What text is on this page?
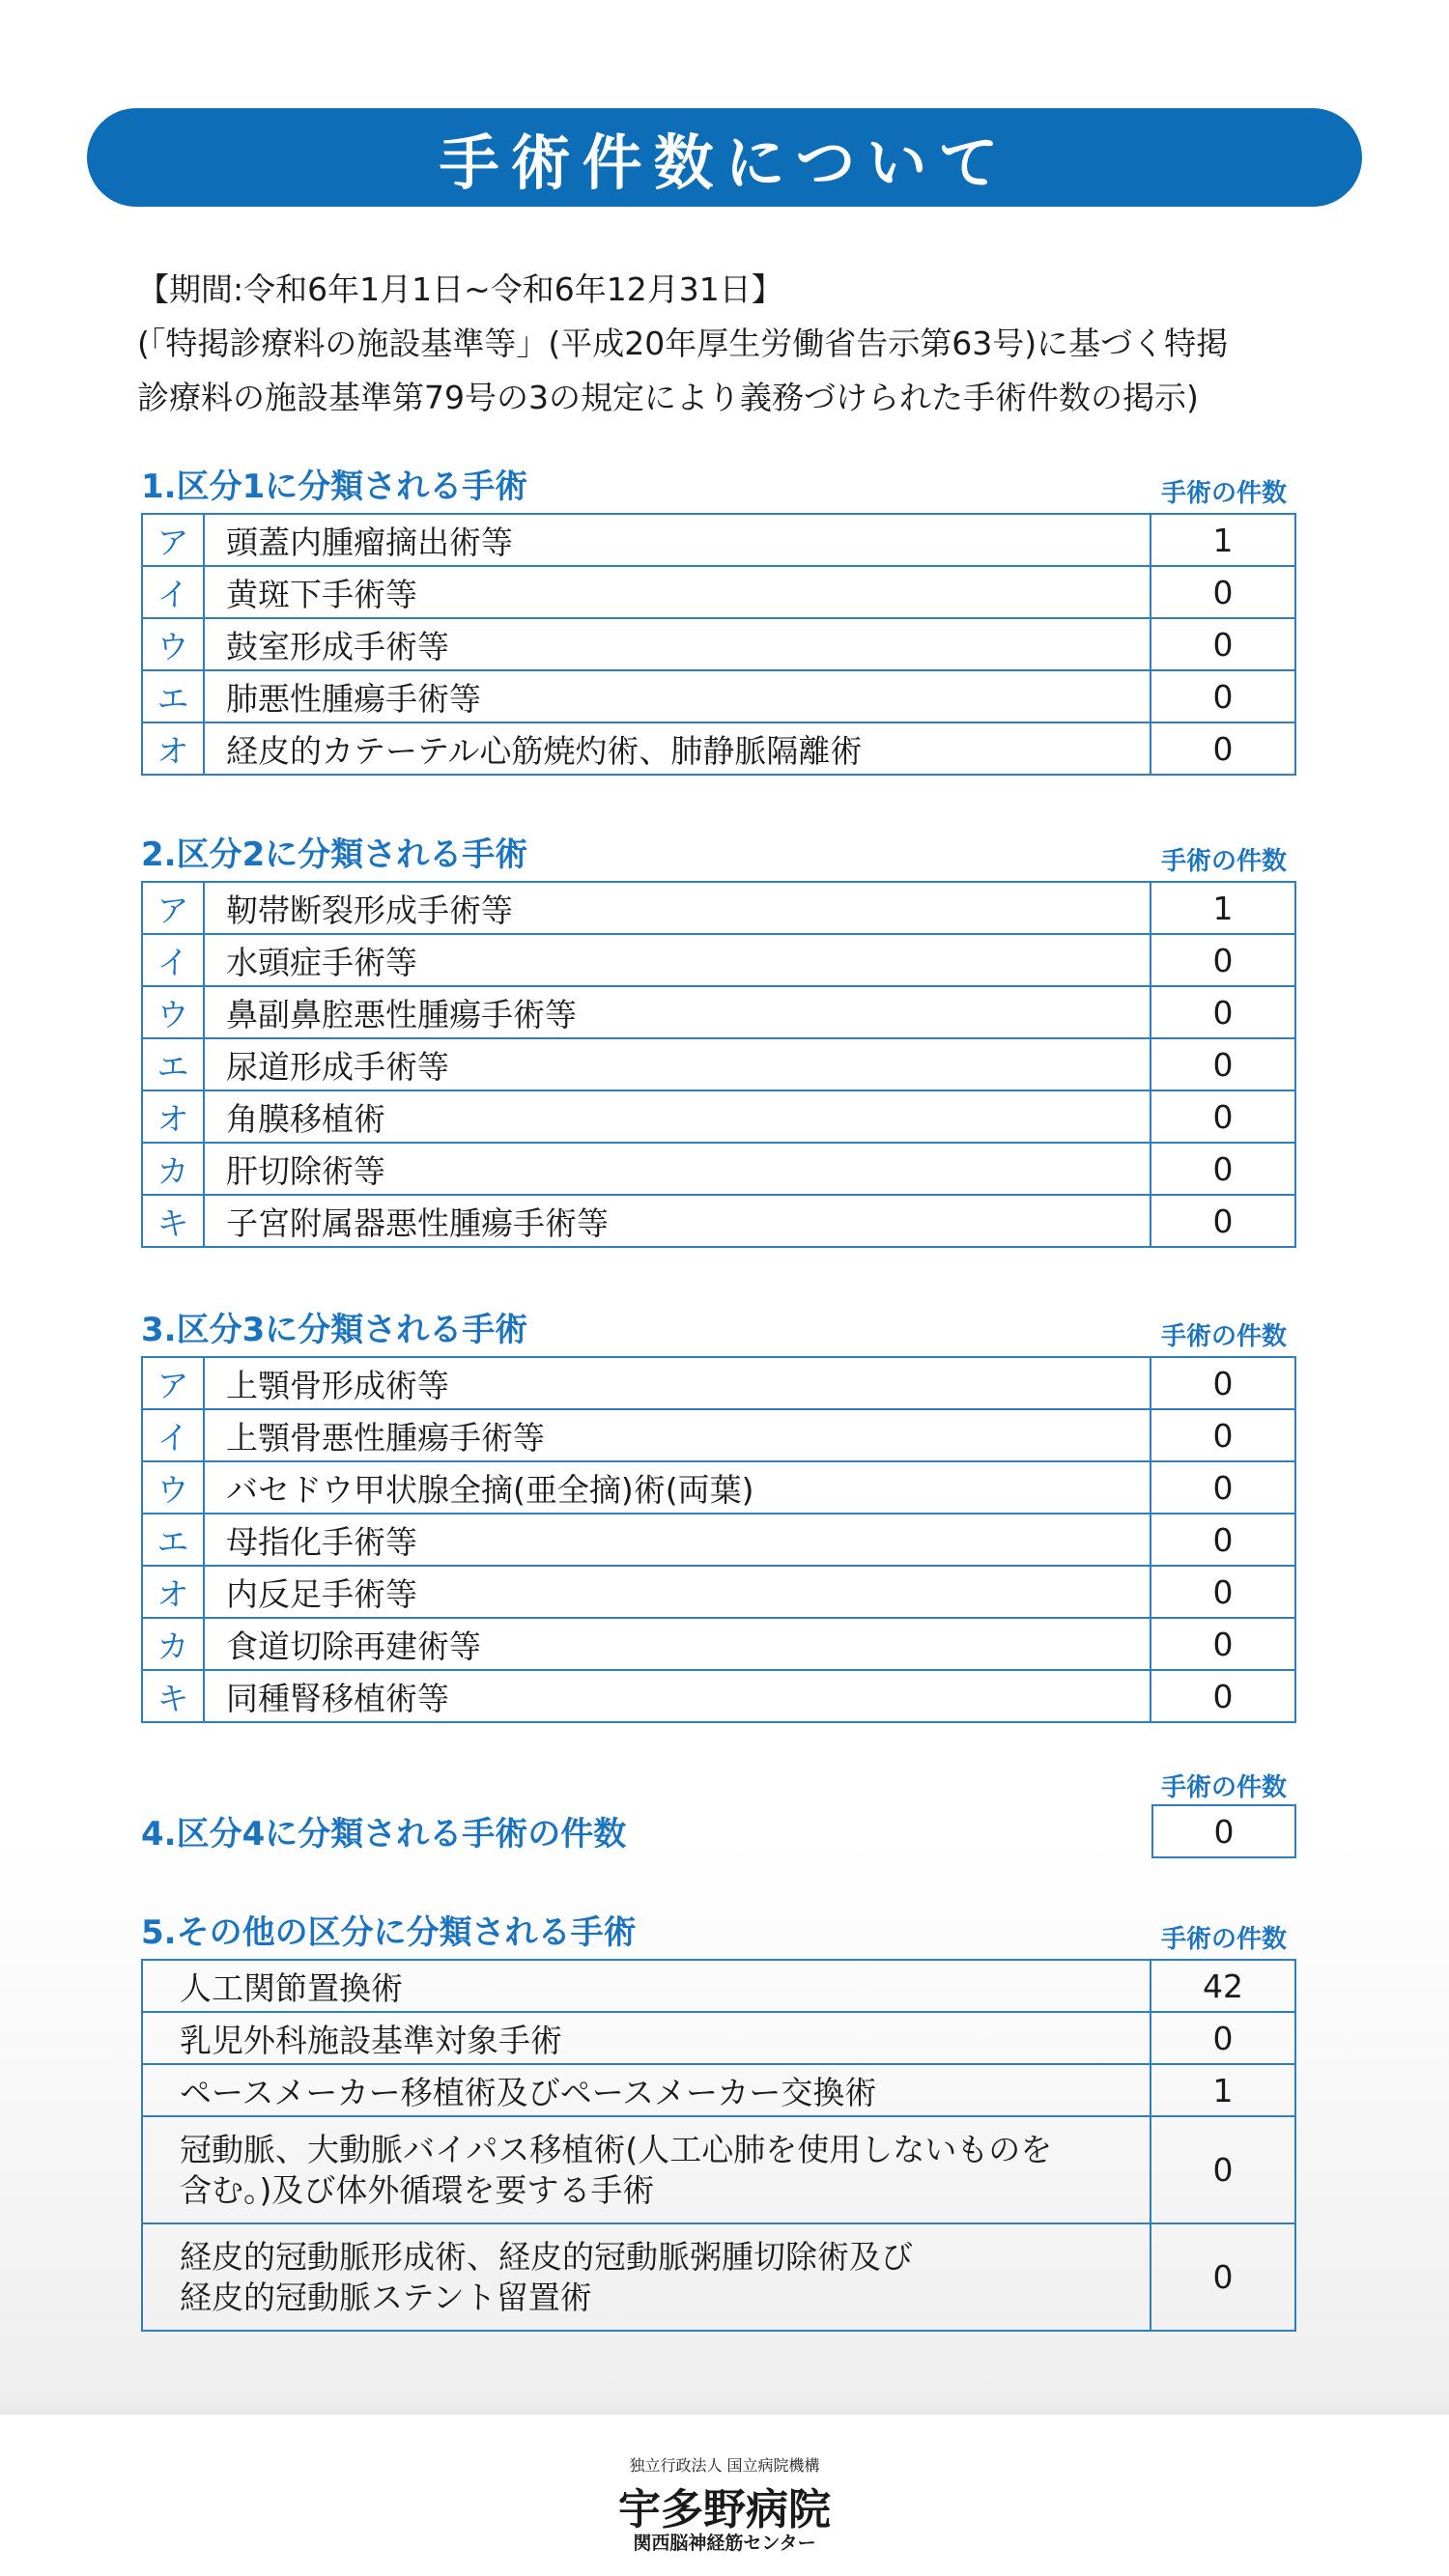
手術件数について
【期間:令和6年1月1日~令和6年12月31日】
(「特掲診療料の施設基準等」(平成20年厚生労働省告示第63号)に基づく特掲
診療料の施設基準第79号の3の規定により義務づけられた手術件数の掲示)
1.区分1に分類される手術	手術の件数
ア	頭蓋内腫瘤摘出術等	1
イ	黄斑下手術等	0
ウ	鼓室形成手術等	0
エ	肺悪性腫瘍手術等	0
オ	経皮的カテーテル心筋焼灼術、肺静脈隔離術	0
2.区分2に分類される手術	手術の件数
ア	靭帯断裂形成手術等	1
イ	水頭症手術等	0
ウ	鼻副鼻腔悪性腫瘍手術等	0
エ	尿道形成手術等	0
オ	角膜移植術	0
カ	肝切除術等	0
キ	子宮附属器悪性腫瘍手術等	0
3.区分3に分類される手術	手術の件数
ア	上顎骨形成術等	0
イ	上顎骨悪性腫瘍手術等	0
ウ	バセドウ甲状腺全摘(亜全摘)術(両葉)	0
エ	母指化手術等	0
オ	内反足手術等	0
カ	食道切除再建術等	0
キ	同種腎移植術等	0
4.区分4に分類される手術の件数
手術の件数
0
5.その他の区分に分類される手術	手術の件数
人工関節置換術	42
乳児外科施設基準対象手術	0
ペースメーカー移植術及びペースメーカー交換術	1

冠動脈、大動脈バイパス移植術(人工心肺を使用しないものを
含む。)及び体外循環を要する手術	0

経皮的冠動脈形成術、経皮的冠動脈粥腫切除術及び
経皮的冠動脈ステント留置術	0
独立行政法人 国立病院機構
宇多野病院
関西脳神経筋センター
